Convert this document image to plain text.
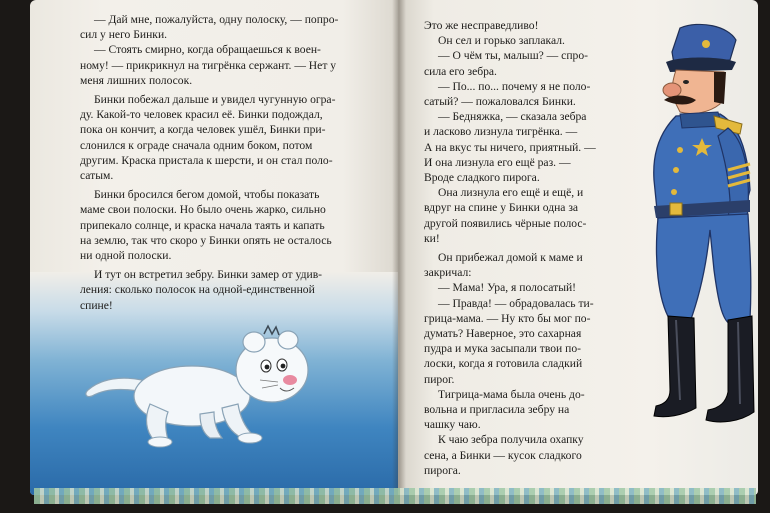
— Дай мне, пожалуйста, одну полоску, — попро-
сил у него Бинки.
— Стоять смирно, когда обращаешься к воен-
ному! — прикрикнул на тигрёнка сержант. — Нет у
меня лишних полосок.
Бинки побежал дальше и увидел чугунную огра-
ду. Какой-то человек красил её. Бинки подождал,
пока он кончит, а когда человек ушёл, Бинки при-
слонился к ограде сначала одним боком, потом
другим. Краска пристала к шерсти, и он стал поло-
сатым.
Бинки бросился бегом домой, чтобы показать
маме свои полоски. Но было очень жарко, сильно
припекало солнце, и краска начала таять и капать
на землю, так что скоро у Бинки опять не осталось
ни одной полоски.
И тут он встретил зебру. Бинки замер от удив-
ления: сколько полосок на одной-единственной
спине!
Это же несправедливо!
Он сел и горько заплакал.
— О чём ты, малыш? — спро-
сила его зебра.
— По... по... почему я не поло-
сатый? — пожаловался Бинки.
— Бедняжка, — сказала зебра
и ласково лизнула тигрёнка. —
А на вкус ты ничего, приятный. —
И она лизнула его ещё раз. —
Вроде сладкого пирога.
Она лизнула его ещё и ещё, и
вдруг на спине у Бинки одна за
другой появились чёрные полос-
ки!
Он прибежал домой к маме и
закричал:
— Мама! Ура, я полосатый!
— Правда! — обрадовалась ти-
грица-мама. — Ну кто бы мог по-
думать? Наверное, это сахарная
пудра и мука засыпали твои по-
лоски, когда я готовила сладкий
пирог.
Тигрица-мама была очень до-
вольна и пригласила зебру на
чашку чаю.
К чаю зебра получила охапку
сена, а Бинки — кусок сладкого
пирога.
